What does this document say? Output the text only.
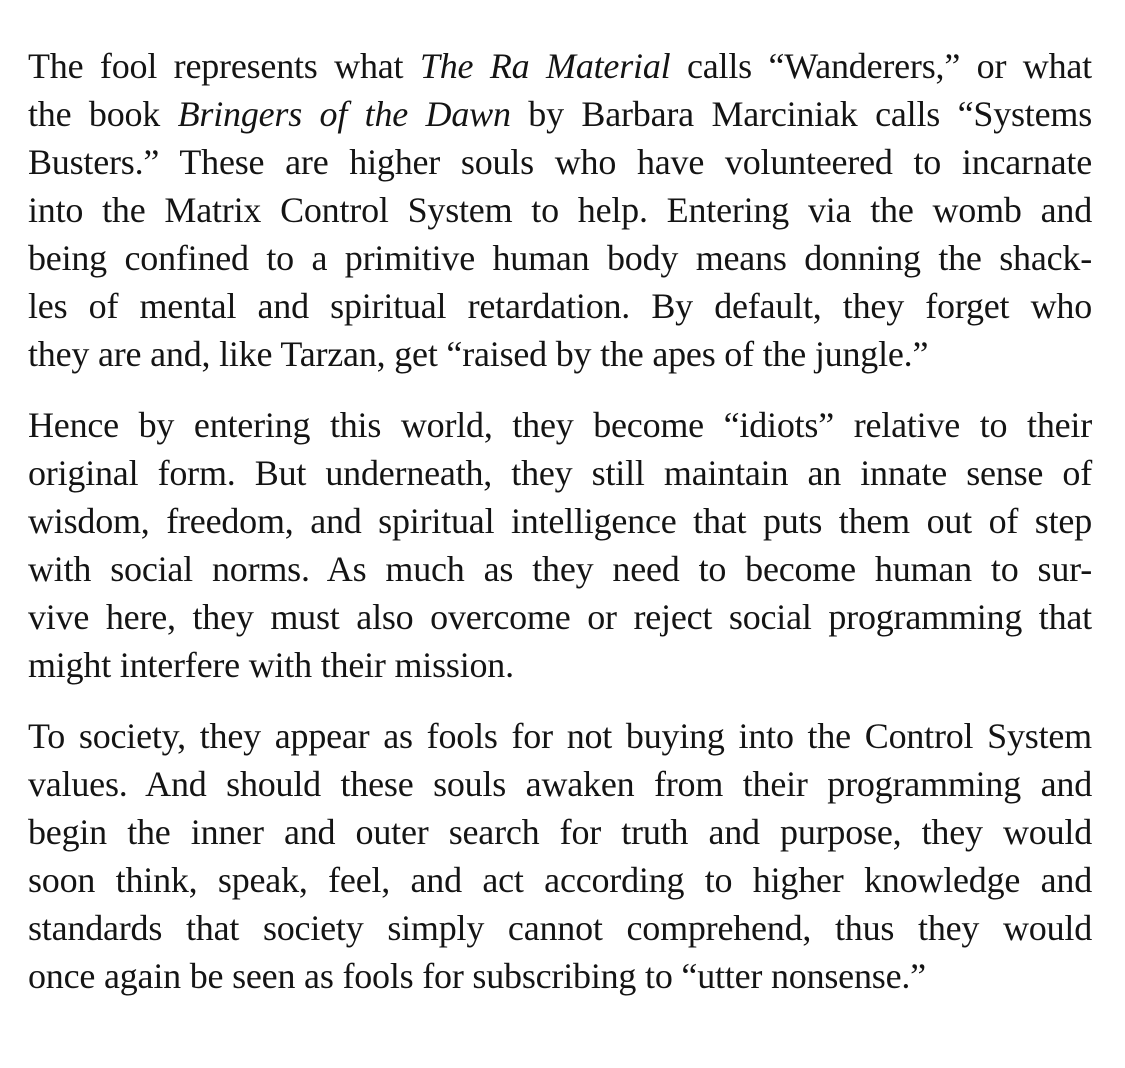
The fool represents what The Ra Material calls “Wanderers,” or what
the book Bringers of the Dawn by Barbara Marciniak calls “Systems
Busters.” These are higher souls who have volunteered to incarnate
into the Matrix Control System to help. Entering via the womb and
being confined to a primitive human body means donning the shack-
les of mental and spiritual retardation. By default, they forget who
they are and, like Tarzan, get “raised by the apes of the jungle.”

Hence by entering this world, they become “idiots” relative to their
original form. But underneath, they still maintain an innate sense of
wisdom, freedom, and spiritual intelligence that puts them out of step
with social norms. As much as they need to become human to sur-
vive here, they must also overcome or reject social programming that
might interfere with their mission.

To society, they appear as fools for not buying into the Control System
values. And should these souls awaken from their programming and
begin the inner and outer search for truth and purpose, they would
soon think, speak, feel, and act according to higher knowledge and
standards that society simply cannot comprehend, thus they would
once again be seen as fools for subscribing to “utter nonsense.”
